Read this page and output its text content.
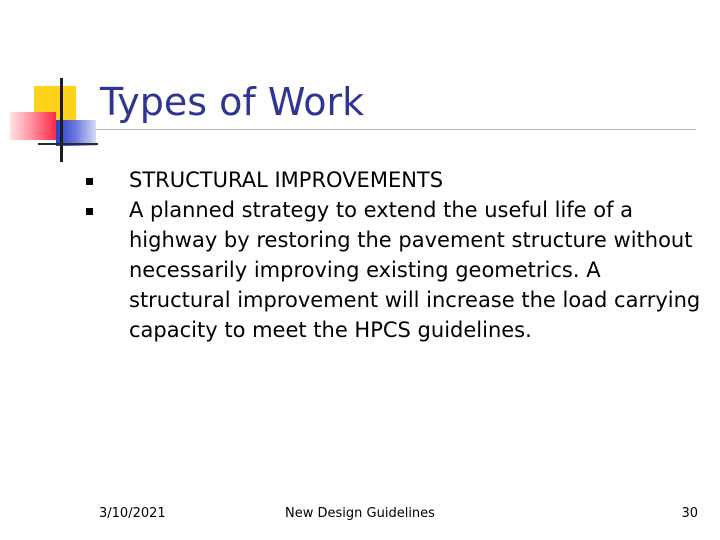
Types of Work
STRUCTURAL IMPROVEMENTS
A planned strategy to extend the useful life of a highway by restoring the pavement structure without necessarily improving existing geometrics. A structural improvement will increase the load carrying capacity to meet the HPCS guidelines.
3/10/2021	New Design Guidelines	30
